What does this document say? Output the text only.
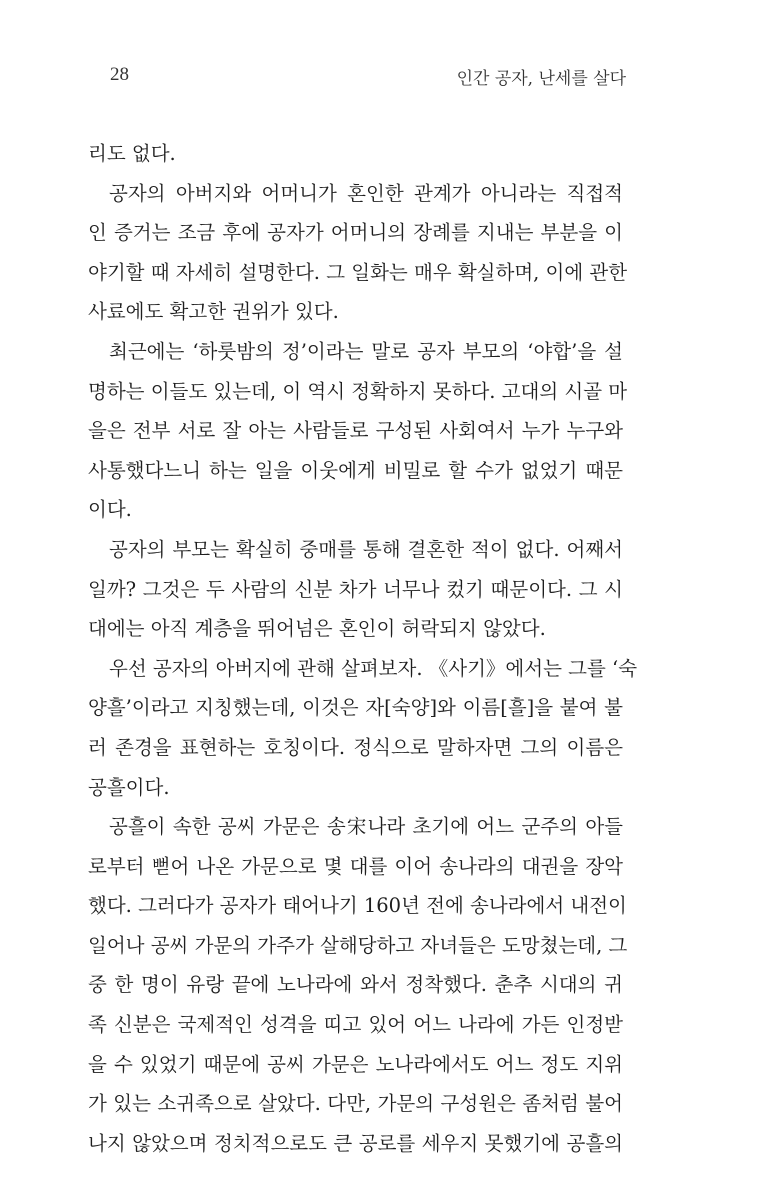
28	인간 공자, 난세를 살다
리도 없다.
공자의 아버지와 어머니가 혼인한 관계가 아니라는 직접적
인 증거는 조금 후에 공자가 어머니의 장례를 지내는 부분을 이
야기할 때 자세히 설명한다. 그 일화는 매우 확실하며, 이에 관한
사료에도 확고한 권위가 있다.
최근에는 ‘하룻밤의 정’이라는 말로 공자 부모의 ‘야합’을 설
명하는 이들도 있는데, 이 역시 정확하지 못하다. 고대의 시골 마
을은 전부 서로 잘 아는 사람들로 구성된 사회여서 누가 누구와
사통했다느니 하는 일을 이웃에게 비밀로 할 수가 없었기 때문
이다.
공자의 부모는 확실히 중매를 통해 결혼한 적이 없다. 어째서
일까? 그것은 두 사람의 신분 차가 너무나 컸기 때문이다. 그 시
대에는 아직 계층을 뛰어넘은 혼인이 허락되지 않았다.
우선 공자의 아버지에 관해 살펴보자. 《사기》에서는 그를 ‘숙
양흘’이라고 지칭했는데, 이것은 자[숙양]와 이름[흘]을 붙여 불
러 존경을 표현하는 호칭이다. 정식으로 말하자면 그의 이름은
공흘이다.
공흘이 속한 공씨 가문은 송宋나라 초기에 어느 군주의 아들
로부터 뻗어 나온 가문으로 몇 대를 이어 송나라의 대권을 장악
했다. 그러다가 공자가 태어나기 160년 전에 송나라에서 내전이
일어나 공씨 가문의 가주가 살해당하고 자녀들은 도망쳤는데, 그
중 한 명이 유랑 끝에 노나라에 와서 정착했다. 춘추 시대의 귀
족 신분은 국제적인 성격을 띠고 있어 어느 나라에 가든 인정받
을 수 있었기 때문에 공씨 가문은 노나라에서도 어느 정도 지위
가 있는 소귀족으로 살았다. 다만, 가문의 구성원은 좀처럼 불어
나지 않았으며 정치적으로도 큰 공로를 세우지 못했기에 공흘의
